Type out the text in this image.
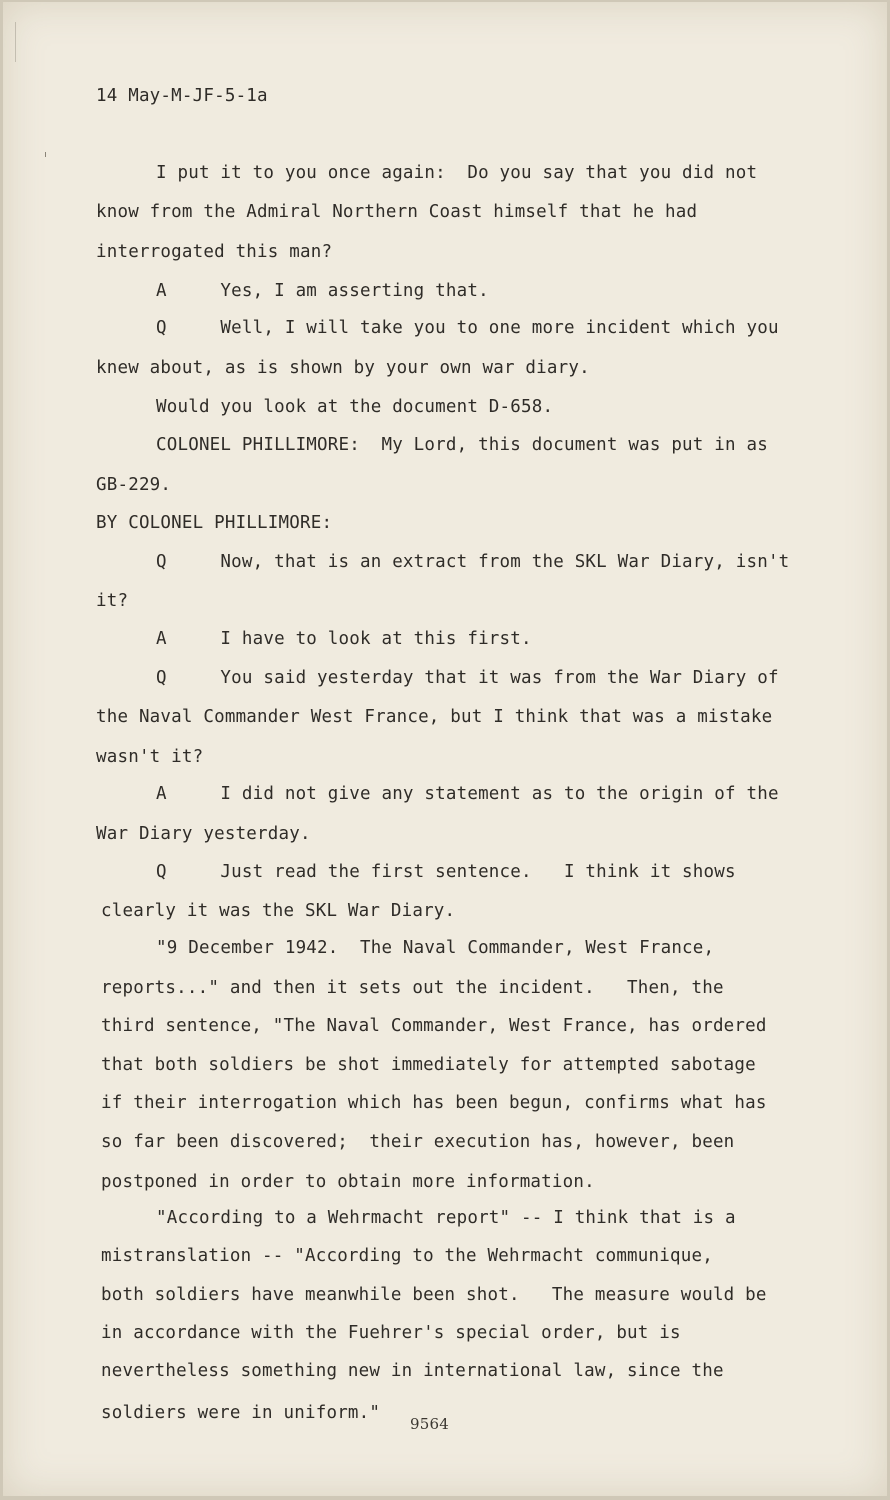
14 May-M-JF-5-1a
I put it to you once again:  Do you say that you did not
know from the Admiral Northern Coast himself that he had
interrogated this man?
A     Yes, I am asserting that.
Q     Well, I will take you to one more incident which you
knew about, as is shown by your own war diary.
Would you look at the document D-658.
COLONEL PHILLIMORE:  My Lord, this document was put in as
GB-229.
BY COLONEL PHILLIMORE:
Q     Now, that is an extract from the SKL War Diary, isn't
it?
A     I have to look at this first.
Q     You said yesterday that it was from the War Diary of
the Naval Commander West France, but I think that was a mistake
wasn't it?
A     I did not give any statement as to the origin of the
War Diary yesterday.
Q     Just read the first sentence.   I think it shows
clearly it was the SKL War Diary.
"9 December 1942.  The Naval Commander, West France,
reports..." and then it sets out the incident.   Then, the
third sentence, "The Naval Commander, West France, has ordered
that both soldiers be shot immediately for attempted sabotage
if their interrogation which has been begun, confirms what has
so far been discovered;  their execution has, however, been
postponed in order to obtain more information.
"According to a Wehrmacht report" -- I think that is a
mistranslation -- "According to the Wehrmacht communique,
both soldiers have meanwhile been shot.   The measure would be
in accordance with the Fuehrer's special order, but is
nevertheless something new in international law, since the
soldiers were in uniform."
9564
